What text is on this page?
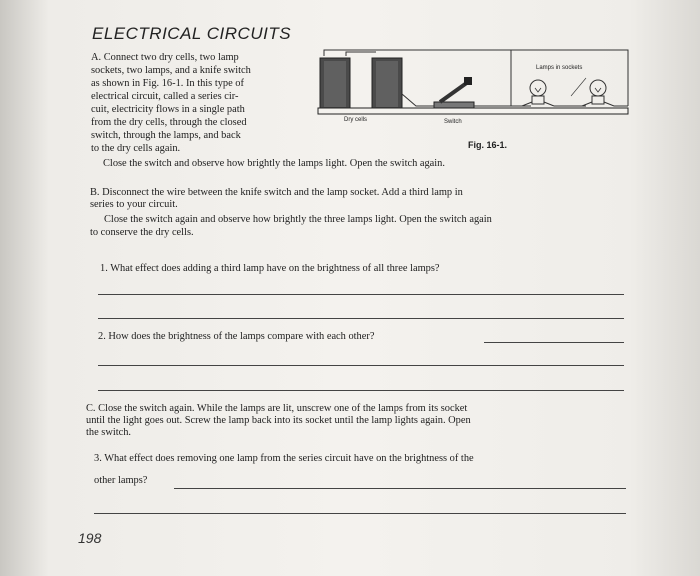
ELECTRICAL CIRCUITS
A. Connect two dry cells, two lamp
sockets, two lamps, and a knife switch
as shown in Fig. 16-1. In this type of
electrical circuit, called a series cir-
cuit, electricity flows in a single path
from the dry cells, through the closed
switch, through the lamps, and back
to the dry cells again.
Close the switch and observe how brightly the lamps light. Open the switch again.
Lamps in sockets
Dry cells	Switch
Fig. 16-1.
B. Disconnect the wire between the knife switch and the lamp socket. Add a third lamp in
series to your circuit.
Close the switch again and observe how brightly the three lamps light. Open the switch again
to conserve the dry cells.
1. What effect does adding a third lamp have on the brightness of all three lamps?
2. How does the brightness of the lamps compare with each other?
C. Close the switch again. While the lamps are lit, unscrew one of the lamps from its socket
until the light goes out. Screw the lamp back into its socket until the lamp lights again. Open
the switch.
3. What effect does removing one lamp from the series circuit have on the brightness of the
other lamps?
198
